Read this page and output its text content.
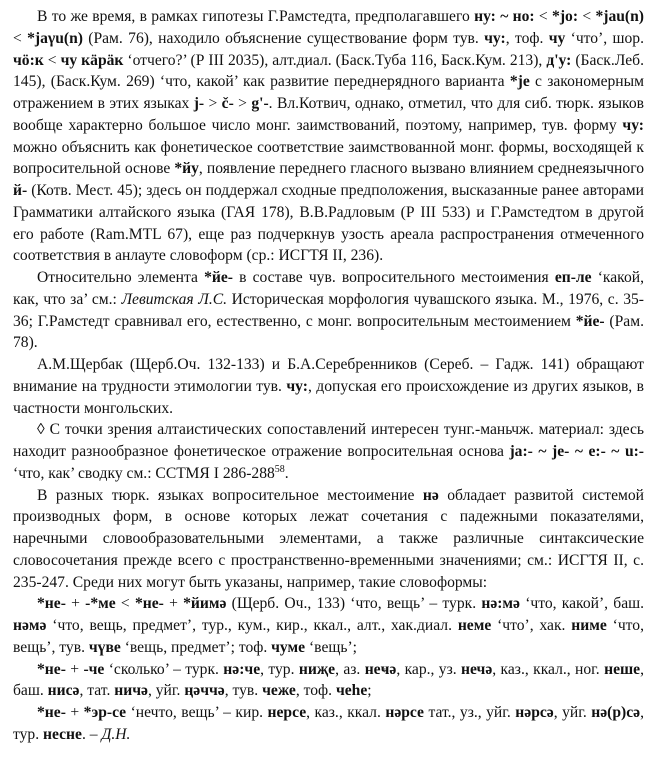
В то же время, в рамках гипотезы Г.Рамстедта, предполагавшего ну: ~ но: < *jo: < *jau(n) < *jaγu(n) (Рам. 76), находило объяснение существование форм тув. чу:, тоф. чу ‘что’, шор. чö:к < чу кäрäк ‘отчего?’ (Р III 2035), алт.диал. (Баск.Туба 116, Баск.Кум. 213), д'у: (Баск.Леб. 145), (Баск.Кум. 269) ‘что, какой’ как развитие переднерядного варианта *je с закономерным отражением в этих языках j- > č- > g'-. Вл.Котвич, однако, отметил, что для сиб. тюрк. языков вообще характерно большое число монг. заимствований, поэтому, например, тув. форму чу: можно объяснить как фонетическое соответствие заимствованной монг. формы, восходящей к вопросительной основе *йу, появление переднего гласного вызвано влиянием среднеязычного й- (Котв. Мест. 45); здесь он поддержал сходные предположения, высказанные ранее авторами Грамматики алтайского языка (ГАЯ 178), В.В.Радловым (Р III 533) и Г.Рамстедтом в другой его работе (Ram.MTL 67), еще раз подчеркнув узость ареала распространения отмеченного соответствия в анлауте словоформ (ср.: ИСГТЯ II, 236).

Относительно элемента *йе- в составе чув. вопросительного местоимения еп-ле ‘какой, как, что за’ см.: Левитская Л.С. Историческая морфология чувашского языка. М., 1976, с. 35-36; Г.Рамстедт сравнивал его, естественно, с монг. вопросительным местоимением *йе- (Рам. 78).

А.М.Щербак (Щерб.Оч. 132-133) и Б.А.Серебренников (Сереб. – Гадж. 141) обращают внимание на трудности этимологии тув. чу:, допуская его происхождение из других языков, в частности монгольских.

◊ С точки зрения алтаистических сопоставлений интересен тунг.-маньчж. материал: здесь находит разнообразное фонетическое отражение вопросительная основа ja:- ~ je- ~ e:- ~ u:- ‘что, как’ сводку см.: ССТМЯ I $286-288^{58}$.

В разных тюрк. языках вопросительное местоимение нә обладает развитой системой производных форм, в основе которых лежат сочетания с падежными показателями, наречными словообразовательными элементами, а также различные синтаксические словосочетания прежде всего с пространственно-временными значениями; см.: ИСГТЯ II, с. 235-247. Среди них могут быть указаны, например, такие словоформы:

*не- + -*ме < *не- + *йимә (Щерб. Оч., 133) ‘что, вещь’ – турк. нә:мә ‘что, какой’, баш. нәмә ‘что, вещь, предмет’, тур., кум., кир., ккал., алт., хак.диал. неме ‘что’, хак. ниме ‘что, вещь’, тув. чүве ‘вещь, предмет’; тоф. чуме ‘вещь’;

*не- + -че ‘сколько’ – турк. нә:че, тур. ниҗе, аз. неҹә, кар., уз. нечә, каз., ккал., ног. неше, баш. нисә, тат. ничә, уйг. ңәччә, тув. чеже, тоф. чеһе;

*не- + *эр-се ‘нечто, вещь’ – кир. нерсе, каз., ккал. нәрсе тат., уз., уйг. нәрсә, уйг. нә(р)сә, тур. несне. – Д.Н.
